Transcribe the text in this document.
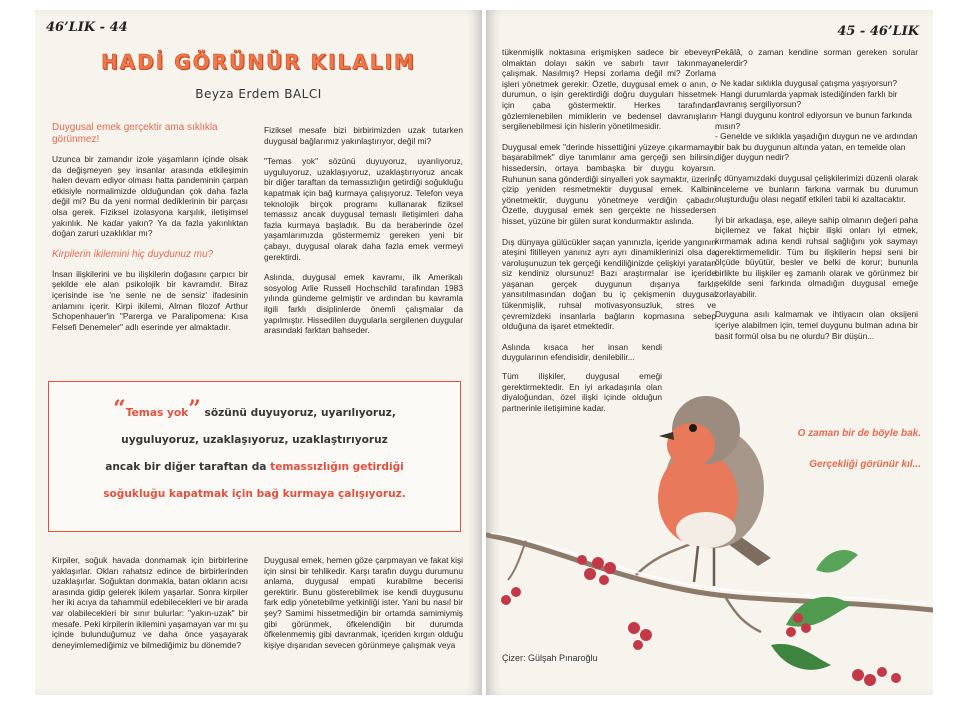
46’LIK - 44
HADİ GÖRÜNÜR KILALIM
Beyza Erdem BALCI

Duygusal emek gerçektir ama sıklıkla görünmez!

Uzunca bir zamandır izole yaşamların içinde olsak da değişmeyen şey insanlar arasında etkileşimin halen devam ediyor olması hatta pandeminin çarpan etkisiyle normalimizde olduğundan çok daha fazla değil mi? Bu da yeni normal dediklerinin bir parçası olsa gerek. Fiziksel izolasyona karşılık, iletişimsel yakınlık. Ne kadar yakın? Ya da fazla yakınlıktan doğan zaruri uzaklıklar mı?

Kirpilerin ikilemini hiç duydunuz mu?

İnsan ilişkilerini ve bu ilişkilerin doğasını çarpıcı bir şekilde ele alan psikolojik bir kavramdır. Biraz içerisinde ise 'ne senle ne de sensiz' ifadesinin anlamını içerir. Kirpi ikilemi, Alman filozof Arthur Schopenhauer'in "Parerga ve Paralipomena: Kısa Felsefi Denemeler" adlı eserinde yer almaktadır.

Fiziksel mesafe bizi birbirimizden uzak tutarken duygusal bağlarımız yakınlaştırıyor, değil mi?

"Temas yok" sözünü duyuyoruz, uyarılıyoruz, uyguluyoruz, uzaklaşıyoruz, uzaklaştırıyoruz ancak bir diğer taraftan da temassızlığın getirdiği soğukluğu kapatmak için bağ kurmaya çalışıyoruz. Telefon veya teknolojik birçok programı kullanarak fiziksel temassız ancak duygusal temaslı iletişimleri daha fazla kurmaya başladık. Bu da beraberinde özel yaşamlarımızda göstermemiz gereken yeni bir çabayı, duygusal olarak daha fazla emek vermeyi gerektirdi.

Aslında, duygusal emek kavramı, ilk Amerikalı sosyolog Arlie Russell Hochschild tarafından 1983 yılında gündeme gelmiştir ve ardından bu kavramla ilgili farklı disiplinlerde önemli çalışmalar da yapılmıştır. Hissedilen duygularla sergilenen duygular arasındaki farktan bahseder.

“Temas yok” sözünü duyuyoruz, uyarılıyoruz,
uyguluyoruz, uzaklaşıyoruz, uzaklaştırıyoruz
ancak bir diğer taraftan da temassızlığın getirdiği
soğukluğu kapatmak için bağ kurmaya çalışıyoruz.

Kirpiler, soğuk havada donmamak için birbirlerine yaklaşırlar. Okları rahatsız edince de birbirlerinden uzaklaşırlar. Soğuktan donmakla, batan okların acısı arasında gidip gelerek ikilem yaşarlar. Sonra kirpiler her iki acıya da tahammül edebilecekleri ve bir arada var olabilecekleri bir sınır bulurlar: "yakın-uzak" bir mesafe. Peki kirpilerin ikilemini yaşamayan var mı şu içinde bulunduğumuz ve daha önce yaşayarak deneyimlemediğimiz ve bilmediğimiz bu dönemde?

Duygusal emek, hemen göze çarpmayan ve fakat kişi için sinsi bir tehlikedir. Karşı tarafın duygu durumunu anlama, duygusal empati kurabilme becerisi gerektirir. Bunu gösterebilmek ise kendi duygusunu fark edip yönetebilme yetkinliği ister. Yani bu nasıl bir şey? Samimi hissetmediğin bir ortamda samimiymiş gibi görünmek, öfkelendiğin bir durumda öfkelenmemiş gibi davranmak, içeriden kırgın olduğu kişiye dışarıdan sevecen görünmeye çalışmak veya

45 - 46’LIK

tükenmişlik noktasına erişmişken sadece bir ebeveyn olmaktan dolayı sakin ve sabırlı tavır takınmaya çalışmak. Nasılmış? Hepsi zorlama değil mi? Zorlama işleri yönetmek gerekir. Özetle, duygusal emek o anın, o durumun, o işin gerektirdiği doğru duyguları hissetmek için çaba göstermektir. Herkes tarafından gözlemlenebilen mimiklerin ve bedensel davranışların sergilenebilmesi için hislerin yönetilmesidir.

Duygusal emek "derinde hissettiğini yüzeye çıkarmamayı başarabilmek" diye tanımlanır ama gerçeği sen bilirsin, hissedersin, ortaya bambaşka bir duygu koyarsın. Ruhunun sana gönderdiği sinyalleri yok saymaktır, üzerini çizip yeniden resmetmektir duygusal emek. Kalbini yönetmektir, duygunu yönetmeye verdiğin çabadır. Özetle, duygusal emek sen gerçekte ne hissedersen hisset, yüzüne bir gülen surat kondurmaktır aslında.

Dış dünyaya gülücükler saçan yanınızla, içeride yangının ateşini fitilleyen yanınız ayrı ayrı dinamiklerinizi olsa da varoluşunuzun tek gerçeği kendiliğinizde çelişkiyi yaratan siz kendiniz olursunuz! Bazı araştırmalar ise içeride yaşanan gerçek duygunun dışarıya farklı yansıtılmasından doğan bu iç çekişmenin duygusal tükenmişlik, ruhsal motivasyonsuzluk, stres ve çevremizdeki insanlarla bağların kopmasına sebep olduğuna da işaret etmektedir.

Aslında kısaca her insan kendi duygularının efendisidir, denilebilir...

Tüm ilişkiler, duygusal emeği gerektirmektedir. En iyi arkadaşınla olan diyaloğundan, özel ilişki içinde olduğun partnerinle iletişimine kadar.

Pekâlâ, o zaman kendine sorman gereken sorular nelerdir?

- Ne kadar sıklıkla duygusal çatışma yaşıyorsun?
- Hangi durumlarda yapmak istediğinden farklı bir davranış sergiliyorsun?
- Hangi duygunu kontrol ediyorsun ve bunun farkında mısın?
- Genelde ve sıklıkla yaşadığın duygun ne ve ardından bir bak bu duygunun altında yatan, en temelde olan diğer duygun nedir?

İç dünyamızdaki duygusal çelişkilerimizi düzenli olarak inceleme ve bunların farkına varmak bu durumun oluşturduğu olası negatif etkileri tabii ki azaltacaktır.

İyi bir arkadaşa, eşe, aileye sahip olmanın değeri paha biçilemez ve fakat hiçbir ilişki onları iyi etmek, kırmamak adına kendi ruhsal sağlığını yok saymayı gerektirmemelidir. Tüm bu ilişkilerin hepsi seni bir ölçüde büyütür, besler ve belki de korur; bununla birlikte bu ilişkiler eş zamanlı olarak ve görünmez bir şekilde seni farkında olmadığın duygusal emeğe zorlayabilir.

Duyguna asılı kalmamak ve ihtiyacın olan oksijeni içeriye alabilmen için, temel duygunu bulman adına bir basit formül olsa bu ne olurdu? Bir düşün...

O zaman bir de böyle bak.

Gerçekliği görünür kıl...

Çizer: Gülşah Pınaroğlu
